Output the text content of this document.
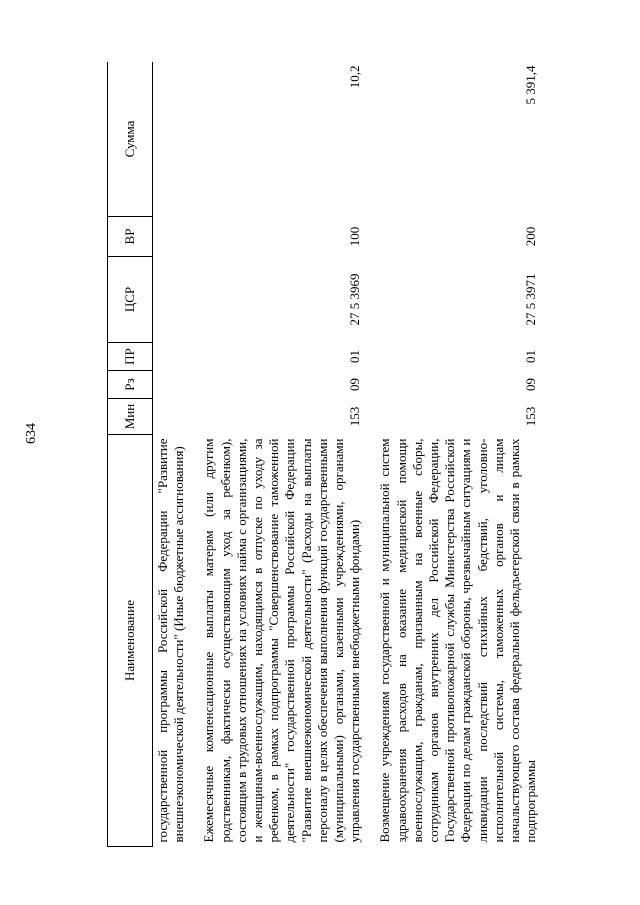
634
Наименование	Мин	Рз	ПР	ЦСР	ВР	Сумма
государственной программы Российской Федерации "Развитие внешнеэкономической деятельности" (Иные бюджетные ассигнования)						

Ежемесячные компенсационные выплаты матерям (или другим родственникам, фактически осуществляющим уход за ребенком), состоящим в трудовых отношениях на условиях найма с организациями, и женщинам-военнослужащим, находящимся в отпуске по уходу за ребенком, в рамках подпрограммы "Совершенствование таможенной деятельности" государственной программы Российской Федерации "Развитие внешнеэкономической деятельности" (Расходы на выплаты персоналу в целях обеспечения выполнения функций государственными (муниципальными) органами, казенными учреждениями, органами управления государственными внебюджетными фондами)	153	09	01	27 5 3969	100	10,2

Возмещение учреждениям государственной и муниципальной систем здравоохранения расходов на оказание медицинской помощи военнослужащим, гражданам, призванным на военные сборы, сотрудникам органов внутренних дел Российской Федерации, Государственной противопожарной службы Министерства Российской Федерации по делам гражданской обороны, чрезвычайным ситуациям и ликвидации последствий стихийных бедствий, уголовно-исполнительной системы, таможенных органов и лицам начальствующего состава федеральной фельдъегерской связи в рамках подпрограммы	153	09	01	27 5 3971	200	5 391,4
